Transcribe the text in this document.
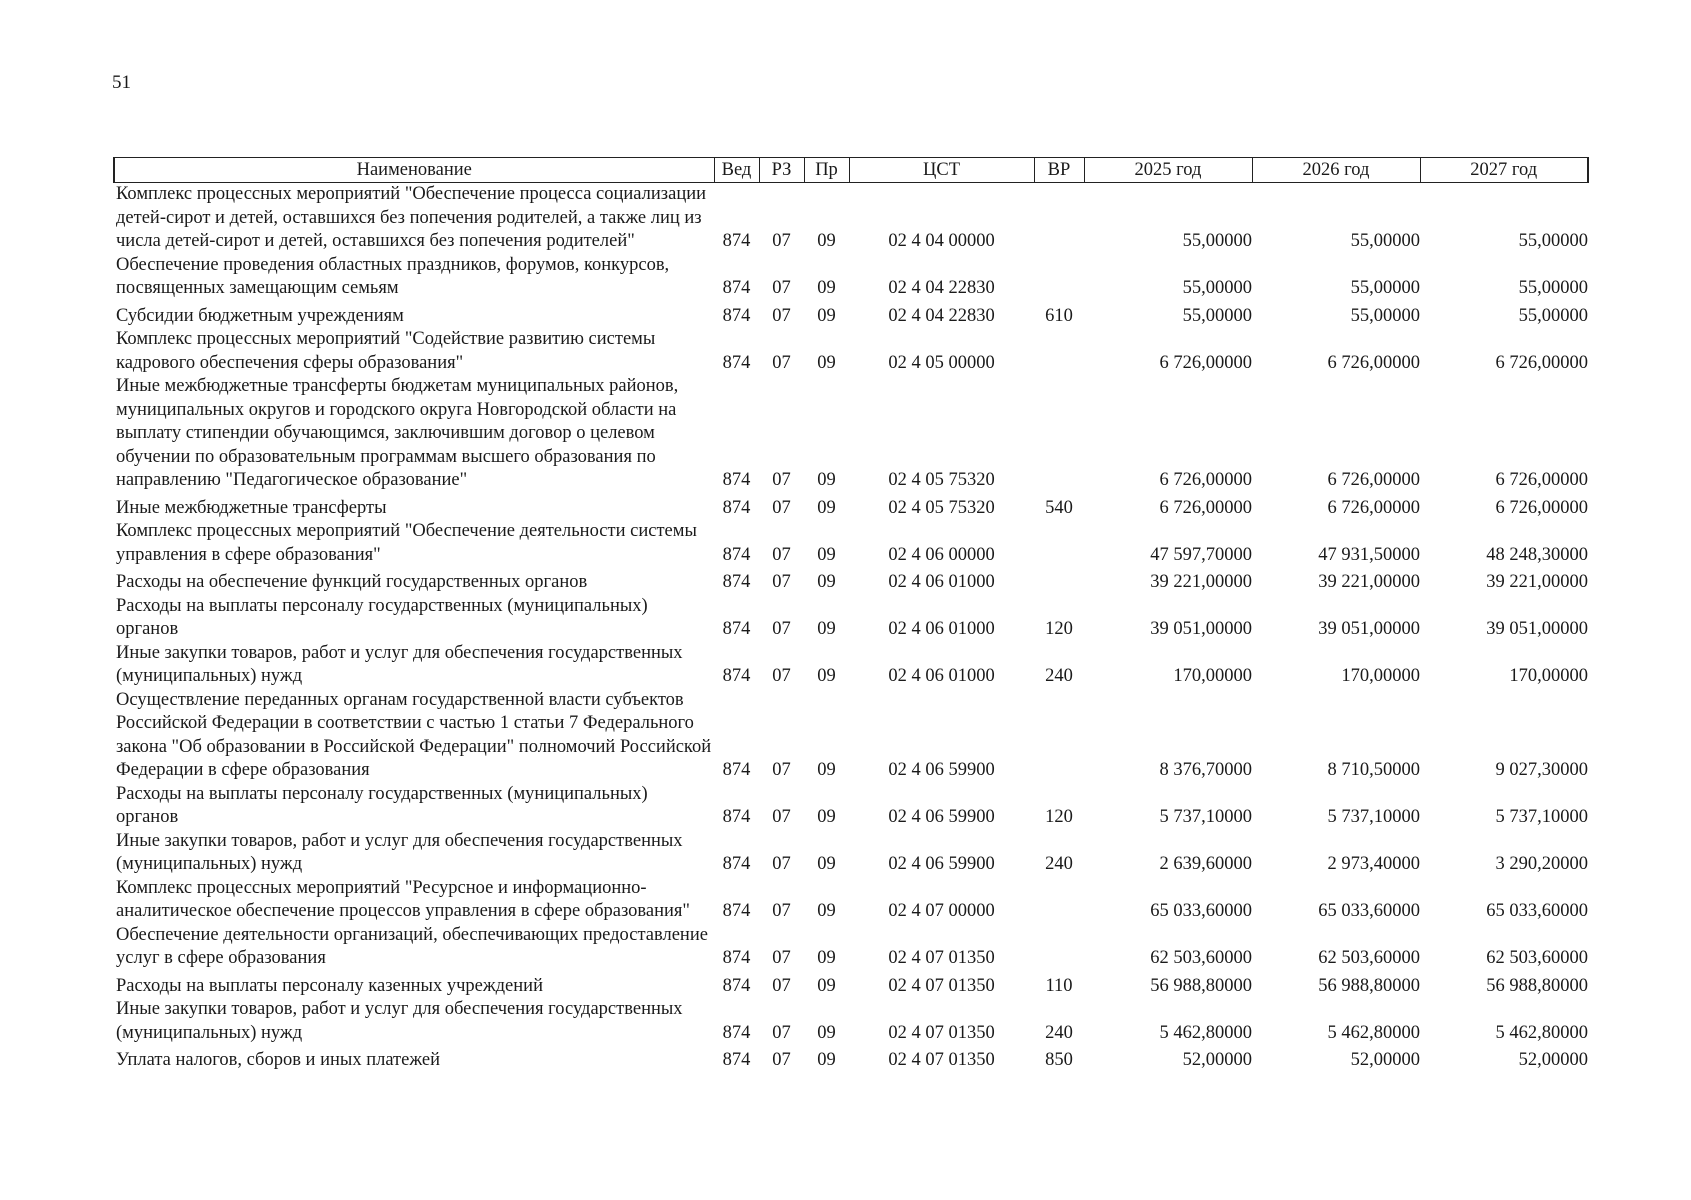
51
Наименование	Вед	РЗ	Пр	ЦСТ	ВР	2025 год	2026 год	2027 год
Комплекс процессных мероприятий "Обеспечение процесса социализации детей-сирот и детей, оставшихся без попечения родителей, а также лиц из числа детей-сирот и детей, оставшихся без попечения родителей"	874	07	09	02 4 04 00000		55,00000	55,00000	55,00000
Обеспечение проведения областных праздников, форумов, конкурсов, посвященных замещающим семьям	874	07	09	02 4 04 22830		55,00000	55,00000	55,00000
Субсидии бюджетным учреждениям	874	07	09	02 4 04 22830	610	55,00000	55,00000	55,00000
Комплекс процессных мероприятий "Содействие развитию системы кадрового обеспечения сферы образования"	874	07	09	02 4 05 00000		6 726,00000	6 726,00000	6 726,00000
Иные межбюджетные трансферты бюджетам муниципальных районов, муниципальных округов и городского округа Новгородской области на выплату стипендии обучающимся, заключившим договор о целевом обучении по образовательным программам высшего образования по направлению "Педагогическое образование"	874	07	09	02 4 05 75320		6 726,00000	6 726,00000	6 726,00000
Иные межбюджетные трансферты	874	07	09	02 4 05 75320	540	6 726,00000	6 726,00000	6 726,00000
Комплекс процессных мероприятий "Обеспечение деятельности системы управления в сфере образования"	874	07	09	02 4 06 00000		47 597,70000	47 931,50000	48 248,30000
Расходы на обеспечение функций государственных органов	874	07	09	02 4 06 01000		39 221,00000	39 221,00000	39 221,00000
Расходы на выплаты персоналу государственных (муниципальных) органов	874	07	09	02 4 06 01000	120	39 051,00000	39 051,00000	39 051,00000
Иные закупки товаров, работ и услуг для обеспечения государственных (муниципальных) нужд	874	07	09	02 4 06 01000	240	170,00000	170,00000	170,00000
Осуществление переданных органам государственной власти субъектов Российской Федерации в соответствии с частью 1 статьи 7 Федерального закона "Об образовании в Российской Федерации" полномочий Российской Федерации в сфере образования	874	07	09	02 4 06 59900		8 376,70000	8 710,50000	9 027,30000
Расходы на выплаты персоналу государственных (муниципальных) органов	874	07	09	02 4 06 59900	120	5 737,10000	5 737,10000	5 737,10000
Иные закупки товаров, работ и услуг для обеспечения государственных (муниципальных) нужд	874	07	09	02 4 06 59900	240	2 639,60000	2 973,40000	3 290,20000
Комплекс процессных мероприятий "Ресурсное и информационно-аналитическое обеспечение процессов управления в сфере образования"	874	07	09	02 4 07 00000		65 033,60000	65 033,60000	65 033,60000
Обеспечение деятельности организаций, обеспечивающих предоставление услуг в сфере образования	874	07	09	02 4 07 01350		62 503,60000	62 503,60000	62 503,60000
Расходы на выплаты персоналу казенных учреждений	874	07	09	02 4 07 01350	110	56 988,80000	56 988,80000	56 988,80000
Иные закупки товаров, работ и услуг для обеспечения государственных (муниципальных) нужд	874	07	09	02 4 07 01350	240	5 462,80000	5 462,80000	5 462,80000
Уплата налогов, сборов и иных платежей	874	07	09	02 4 07 01350	850	52,00000	52,00000	52,00000
